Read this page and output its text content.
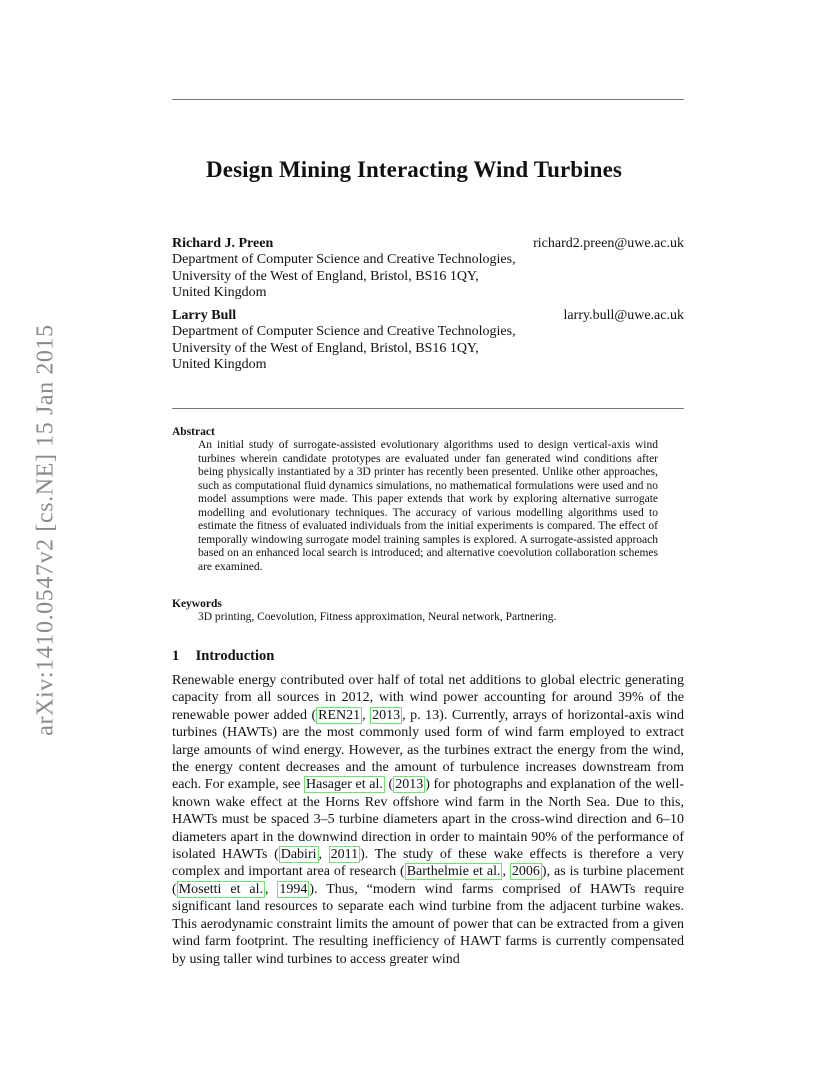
arXiv:1410.0547v2 [cs.NE] 15 Jan 2015
Design Mining Interacting Wind Turbines
Richard J. Preen	richard2.preen@uwe.ac.uk
Department of Computer Science and Creative Technologies,
University of the West of England, Bristol, BS16 1QY,
United Kingdom
Larry Bull	larry.bull@uwe.ac.uk
Department of Computer Science and Creative Technologies,
University of the West of England, Bristol, BS16 1QY,
United Kingdom
Abstract
An initial study of surrogate-assisted evolutionary algorithms used to design vertical-axis wind turbines wherein candidate prototypes are evaluated under fan generated wind conditions after being physically instantiated by a 3D printer has recently been presented. Unlike other approaches, such as computational fluid dynamics simulations, no mathematical formulations were used and no model assumptions were made. This paper extends that work by exploring alternative surrogate modelling and evolutionary techniques. The accuracy of various modelling algorithms used to estimate the fitness of evaluated individuals from the initial experiments is compared. The effect of temporally windowing surrogate model training samples is explored. A surrogate-assisted approach based on an enhanced local search is introduced; and alternative coevolution collaboration schemes are examined.
Keywords
3D printing, Coevolution, Fitness approximation, Neural network, Partnering.
1 Introduction
Renewable energy contributed over half of total net additions to global electric generating capacity from all sources in 2012, with wind power accounting for around 39% of the renewable power added ( REN21 , 2013 , p. 13). Currently, arrays of horizontal-axis wind turbines (HAWTs) are the most commonly used form of wind farm employed to extract large amounts of wind energy. However, as the turbines extract the energy from the wind, the energy content decreases and the amount of turbulence increases downstream from each. For example, see Hasager et al. ( 2013 ) for photographs and explanation of the well-known wake effect at the Horns Rev offshore wind farm in the North Sea. Due to this, HAWTs must be spaced 3–5 turbine diameters apart in the cross-wind direction and 6–10 diameters apart in the downwind direction in order to maintain 90% of the performance of isolated HAWTs ( Dabiri , 2011 ). The study of these wake effects is therefore a very complex and important area of research ( Barthelmie et al. , 2006 ), as is turbine placement ( Mosetti et al. , 1994 ). Thus, “modern wind farms comprised of HAWTs require significant land resources to separate each wind turbine from the adjacent turbine wakes. This aerodynamic constraint limits the amount of power that can be extracted from a given wind farm footprint. The resulting inefficiency of HAWT farms is currently compensated by using taller wind turbines to access greater wind
